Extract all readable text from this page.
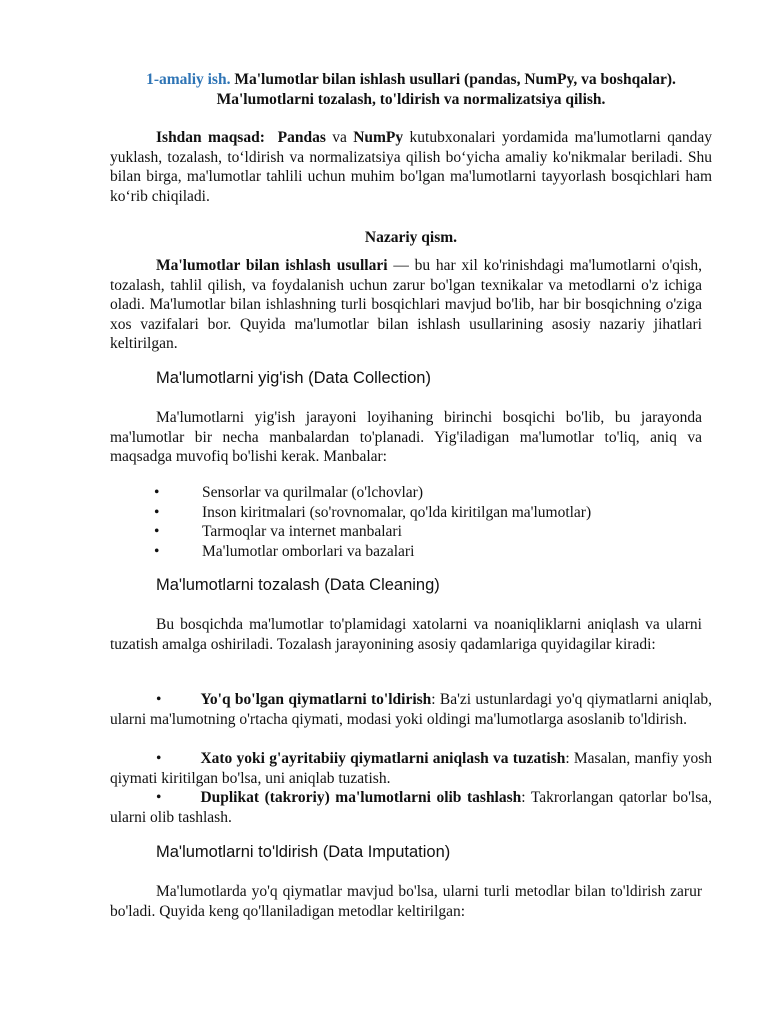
1-amaliy ish. Ma'lumotlar bilan ishlash usullari (pandas, NumPy, va boshqalar). Ma'lumotlarni tozalash, to'ldirish va normalizatsiya qilish.
Ishdan maqsad: Pandas va NumPy kutubxonalari yordamida ma'lumotlarni qanday yuklash, tozalash, to‘ldirish va normalizatsiya qilish bo‘yicha amaliy ko'nikmalar beriladi. Shu bilan birga, ma'lumotlar tahlili uchun muhim bo'lgan ma'lumotlarni tayyorlash bosqichlari ham ko‘rib chiqiladi.
Nazariy qism.
Ma'lumotlar bilan ishlash usullari — bu har xil ko'rinishdagi ma'lumotlarni o'qish, tozalash, tahlil qilish, va foydalanish uchun zarur bo'lgan texnikalar va metodlarni o'z ichiga oladi. Ma'lumotlar bilan ishlashning turli bosqichlari mavjud bo'lib, har bir bosqichning o'ziga xos vazifalari bor. Quyida ma'lumotlar bilan ishlash usullarining asosiy nazariy jihatlari keltirilgan.
Ma'lumotlarni yig'ish (Data Collection)
Ma'lumotlarni yig'ish jarayoni loyihaning birinchi bosqichi bo'lib, bu jarayonda ma'lumotlar bir necha manbalardan to'planadi. Yig'iladigan ma'lumotlar to'liq, aniq va maqsadga muvofiq bo'lishi kerak. Manbalar:
•	Sensorlar va qurilmalar (o'lchovlar)
•	Inson kiritmalari (so'rovnomalar, qo'lda kiritilgan ma'lumotlar)
•	Tarmoqlar va internet manbalari
•	Ma'lumotlar omborlari va bazalari
Ma'lumotlarni tozalash (Data Cleaning)
Bu bosqichda ma'lumotlar to'plamidagi xatolarni va noaniqliklarni aniqlash va ularni tuzatish amalga oshiriladi. Tozalash jarayonining asosiy qadamlariga quyidagilar kiradi:
•	Yo'q bo'lgan qiymatlarni to'ldirish: Ba'zi ustunlardagi yo'q qiymatlarni aniqlab, ularni ma'lumotning o'rtacha qiymati, modasi yoki oldingi ma'lumotlarga asoslanib to'ldirish.
•	Xato yoki g'ayritabiiy qiymatlarni aniqlash va tuzatish: Masalan, manfiy yosh qiymati kiritilgan bo'lsa, uni aniqlab tuzatish.
•	Duplikat (takroriy) ma'lumotlarni olib tashlash: Takrorlangan qatorlar bo'lsa, ularni olib tashlash.
Ma'lumotlarni to'ldirish (Data Imputation)
Ma'lumotlarda yo'q qiymatlar mavjud bo'lsa, ularni turli metodlar bilan to'ldirish zarur bo'ladi. Quyida keng qo'llaniladigan metodlar keltirilgan:
